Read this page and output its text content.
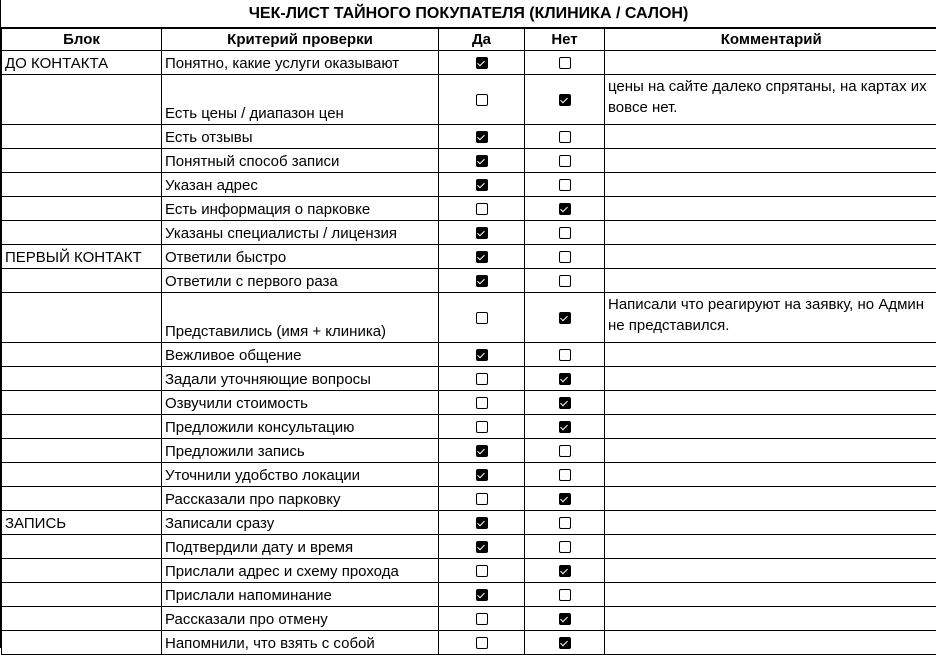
ЧЕК-ЛИСТ ТАЙНОГО ПОКУПАТЕЛЯ (КЛИНИКА / САЛОН)
Блок	Критерий проверки	Да	Нет	Комментарий
ДО КОНТАКТА	Понятно, какие услуги оказывают			
	Есть цены / диапазон цен			цены на сайте далеко спрятаны, на картах их вовсе нет.
	Есть отзывы			
	Понятный способ записи			
	Указан адрес			
	Есть информация о парковке			
	Указаны специалисты / лицензия			
ПЕРВЫЙ КОНТАКТ	Ответили быстро			
	Ответили с первого раза			
	Представились (имя + клиника)			Написали что реагируют на заявку, но Админ не представился.
	Вежливое общение			
	Задали уточняющие вопросы			
	Озвучили стоимость			
	Предложили консультацию			
	Предложили запись			
	Уточнили удобство локации			
	Рассказали про парковку			
ЗАПИСЬ	Записали сразу			
	Подтвердили дату и время			
	Прислали адрес и схему прохода			
	Прислали напоминание			
	Рассказали про отмену			
	Напомнили, что взять с собой			
